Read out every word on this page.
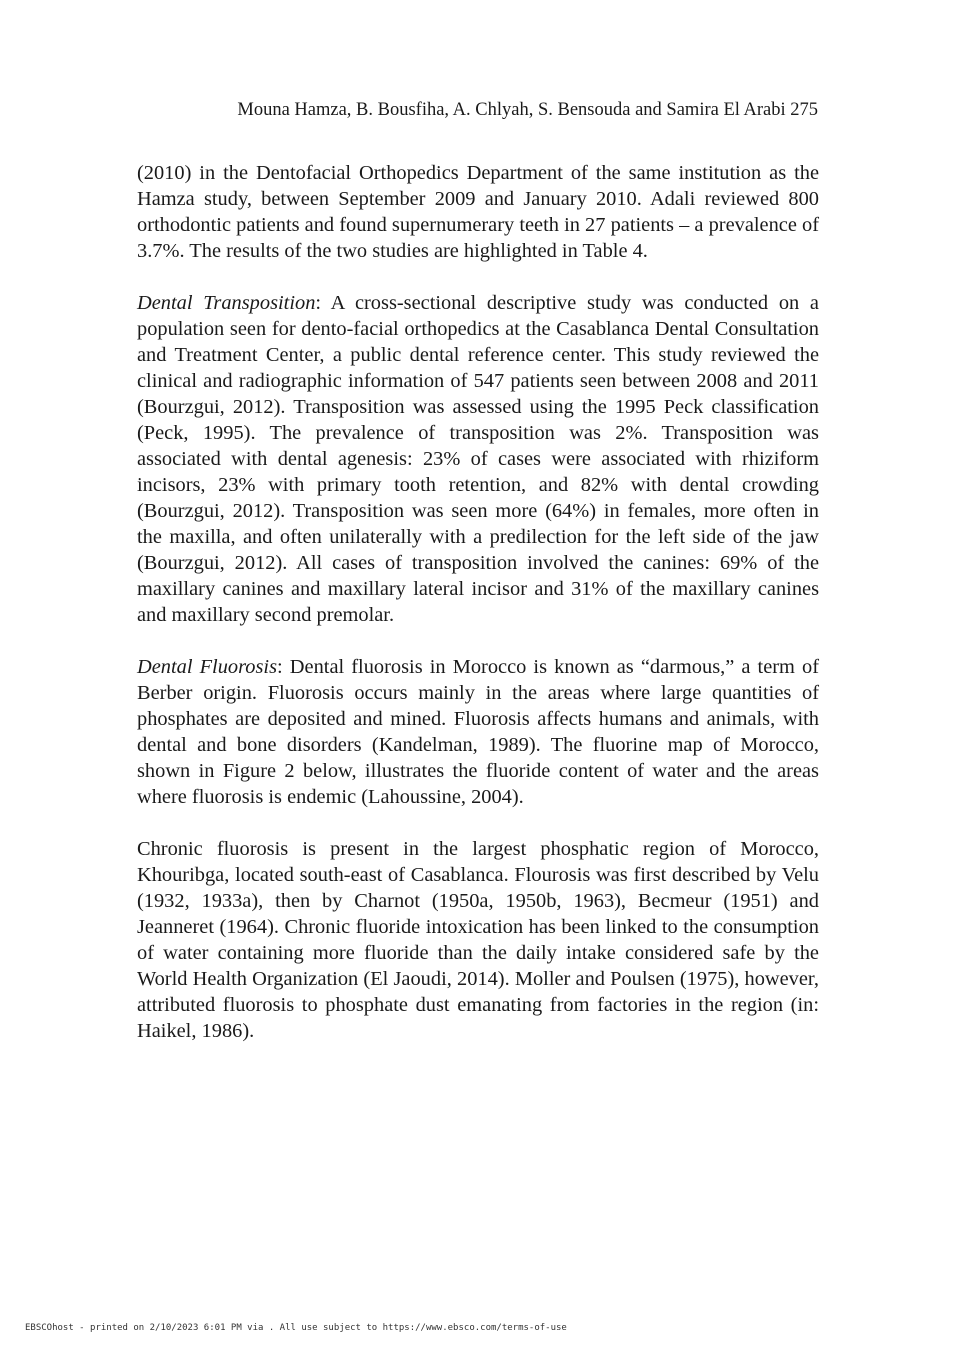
Mouna Hamza, B. Bousfiha, A. Chlyah, S. Bensouda and Samira El Arabi 275

(2010) in the Dentofacial Orthopedics Department of the same institution as the Hamza study, between September 2009 and January 2010. Adali reviewed 800 orthodontic patients and found supernumerary teeth in 27 patients – a prevalence of 3.7%. The results of the two studies are highlighted in Table 4.

Dental Transposition: A cross-sectional descriptive study was conducted on a population seen for dento-facial orthopedics at the Casablanca Dental Consultation and Treatment Center, a public dental reference center. This study reviewed the clinical and radiographic information of 547 patients seen between 2008 and 2011 (Bourzgui, 2012). Transposition was assessed using the 1995 Peck classification (Peck, 1995). The prevalence of transposition was 2%. Transposition was associated with dental agenesis: 23% of cases were associated with rhiziform incisors, 23% with primary tooth retention, and 82% with dental crowding (Bourzgui, 2012). Transposition was seen more (64%) in females, more often in the maxilla, and often unilaterally with a predilection for the left side of the jaw (Bourzgui, 2012). All cases of transposition involved the canines: 69% of the maxillary canines and maxillary lateral incisor and 31% of the maxillary canines and maxillary second premolar.

Dental Fluorosis: Dental fluorosis in Morocco is known as “darmous,” a term of Berber origin. Fluorosis occurs mainly in the areas where large quantities of phosphates are deposited and mined. Fluorosis affects humans and animals, with dental and bone disorders (Kandelman, 1989). The fluorine map of Morocco, shown in Figure 2 below, illustrates the fluoride content of water and the areas where fluorosis is endemic (Lahoussine, 2004).

Chronic fluorosis is present in the largest phosphatic region of Morocco, Khouribga, located south-east of Casablanca. Flourosis was first described by Velu (1932, 1933a), then by Charnot (1950a, 1950b, 1963), Becmeur (1951) and Jeanneret (1964). Chronic fluoride intoxication has been linked to the consumption of water containing more fluoride than the daily intake considered safe by the World Health Organization (El Jaoudi, 2014). Moller and Poulsen (1975), however, attributed fluorosis to phosphate dust emanating from factories in the region (in: Haikel, 1986).

EBSCOhost - printed on 2/10/2023 6:01 PM via . All use subject to https://www.ebsco.com/terms-of-use
